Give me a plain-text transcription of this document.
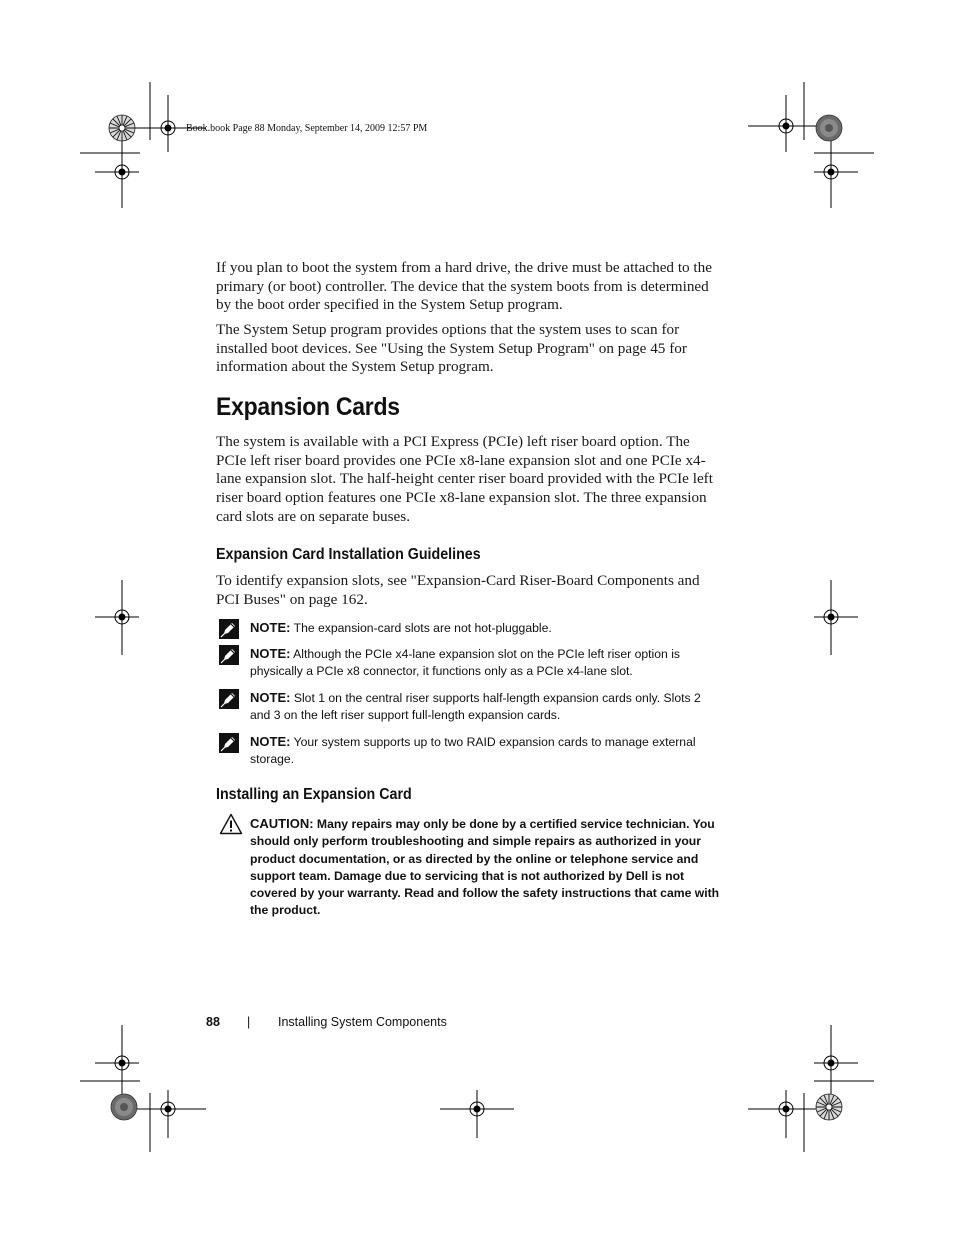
Book.book Page 88 Monday, September 14, 2009 12:57 PM
If you plan to boot the system from a hard drive, the drive must be attached to the primary (or boot) controller. The device that the system boots from is determined by the boot order specified in the System Setup program.
The System Setup program provides options that the system uses to scan for installed boot devices. See "Using the System Setup Program" on page 45 for information about the System Setup program.
Expansion Cards
The system is available with a PCI Express (PCIe) left riser board option. The PCIe left riser board provides one PCIe x8-lane expansion slot and one PCIe x4-lane expansion slot. The half-height center riser board provided with the PCIe left riser board option features one PCIe x8-lane expansion slot. The three expansion card slots are on separate buses.
Expansion Card Installation Guidelines
To identify expansion slots, see "Expansion-Card Riser-Board Components and PCI Buses" on page 162.
NOTE: The expansion-card slots are not hot-pluggable.
NOTE: Although the PCIe x4-lane expansion slot on the PCIe left riser option is physically a PCIe x8 connector, it functions only as a PCIe x4-lane slot.
NOTE: Slot 1 on the central riser supports half-length expansion cards only. Slots 2 and 3 on the left riser support full-length expansion cards.
NOTE: Your system supports up to two RAID expansion cards to manage external storage.
Installing an Expansion Card
CAUTION: Many repairs may only be done by a certified service technician. You should only perform troubleshooting and simple repairs as authorized in your product documentation, or as directed by the online or telephone service and support team. Damage due to servicing that is not authorized by Dell is not covered by your warranty. Read and follow the safety instructions that came with the product.
88 | Installing System Components
